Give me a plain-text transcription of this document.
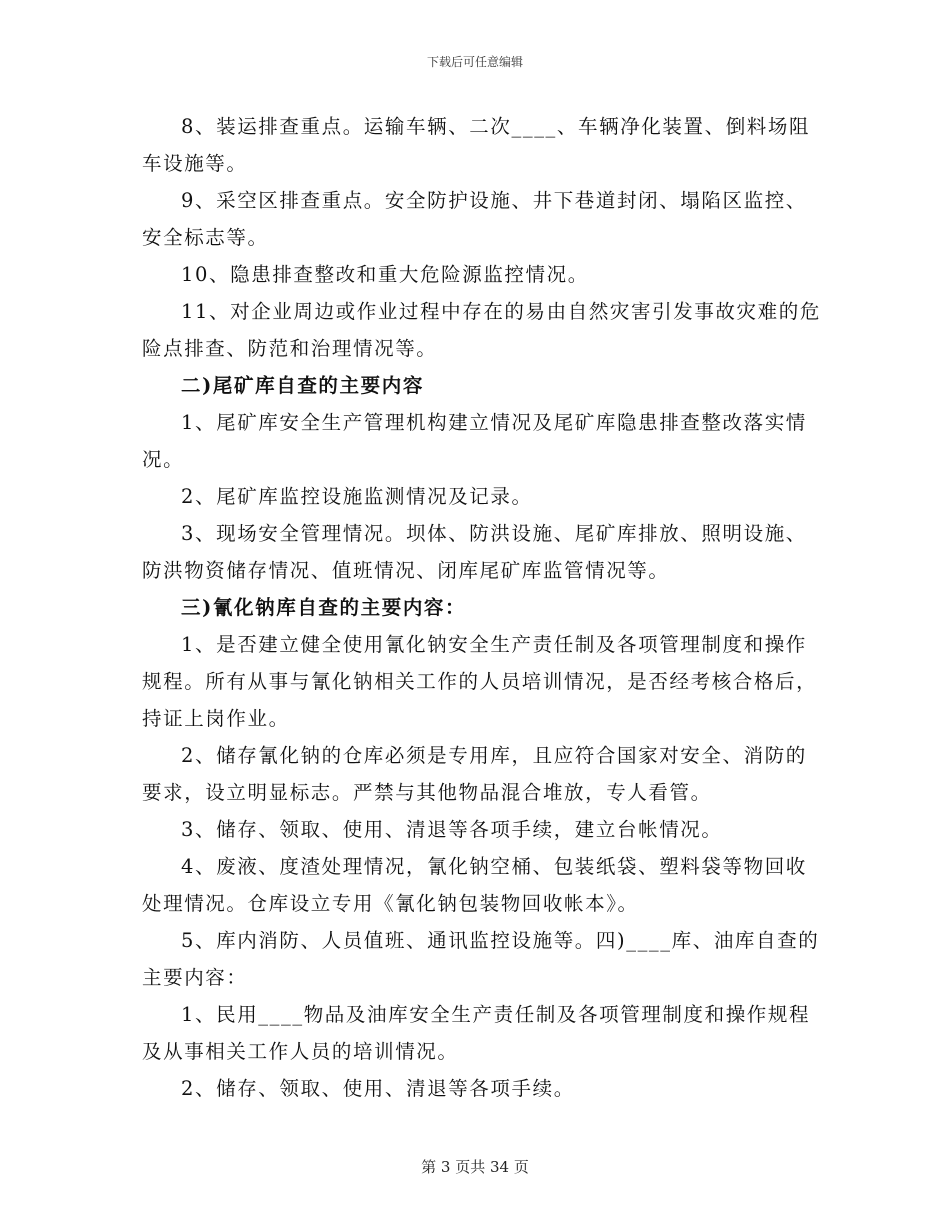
下载后可任意编辑

8、装运排查重点。运输车辆、二次____、车辆净化装置、倒料场阻车设施等。

9、采空区排查重点。安全防护设施、井下巷道封闭、塌陷区监控、安全标志等。

10、隐患排查整改和重大危险源监控情况。

11、对企业周边或作业过程中存在的易由自然灾害引发事故灾难的危险点排查、防范和治理情况等。

二)尾矿库自查的主要内容

1、尾矿库安全生产管理机构建立情况及尾矿库隐患排查整改落实情况。

2、尾矿库监控设施监测情况及记录。

3、现场安全管理情况。坝体、防洪设施、尾矿库排放、照明设施、防洪物资储存情况、值班情况、闭库尾矿库监管情况等。

三)氰化钠库自查的主要内容：

1、是否建立健全使用氰化钠安全生产责任制及各项管理制度和操作规程。所有从事与氰化钠相关工作的人员培训情况，是否经考核合格后，持证上岗作业。

2、储存氰化钠的仓库必须是专用库，且应符合国家对安全、消防的要求，设立明显标志。严禁与其他物品混合堆放，专人看管。

3、储存、领取、使用、清退等各项手续，建立台帐情况。

4、废液、度渣处理情况，氰化钠空桶、包装纸袋、塑料袋等物回收处理情况。仓库设立专用《氰化钠包装物回收帐本》。

5、库内消防、人员值班、通讯监控设施等。四)____库、油库自查的主要内容：

1、民用____物品及油库安全生产责任制及各项管理制度和操作规程及从事相关工作人员的培训情况。

2、储存、领取、使用、清退等各项手续。

第 3 页共 34 页
